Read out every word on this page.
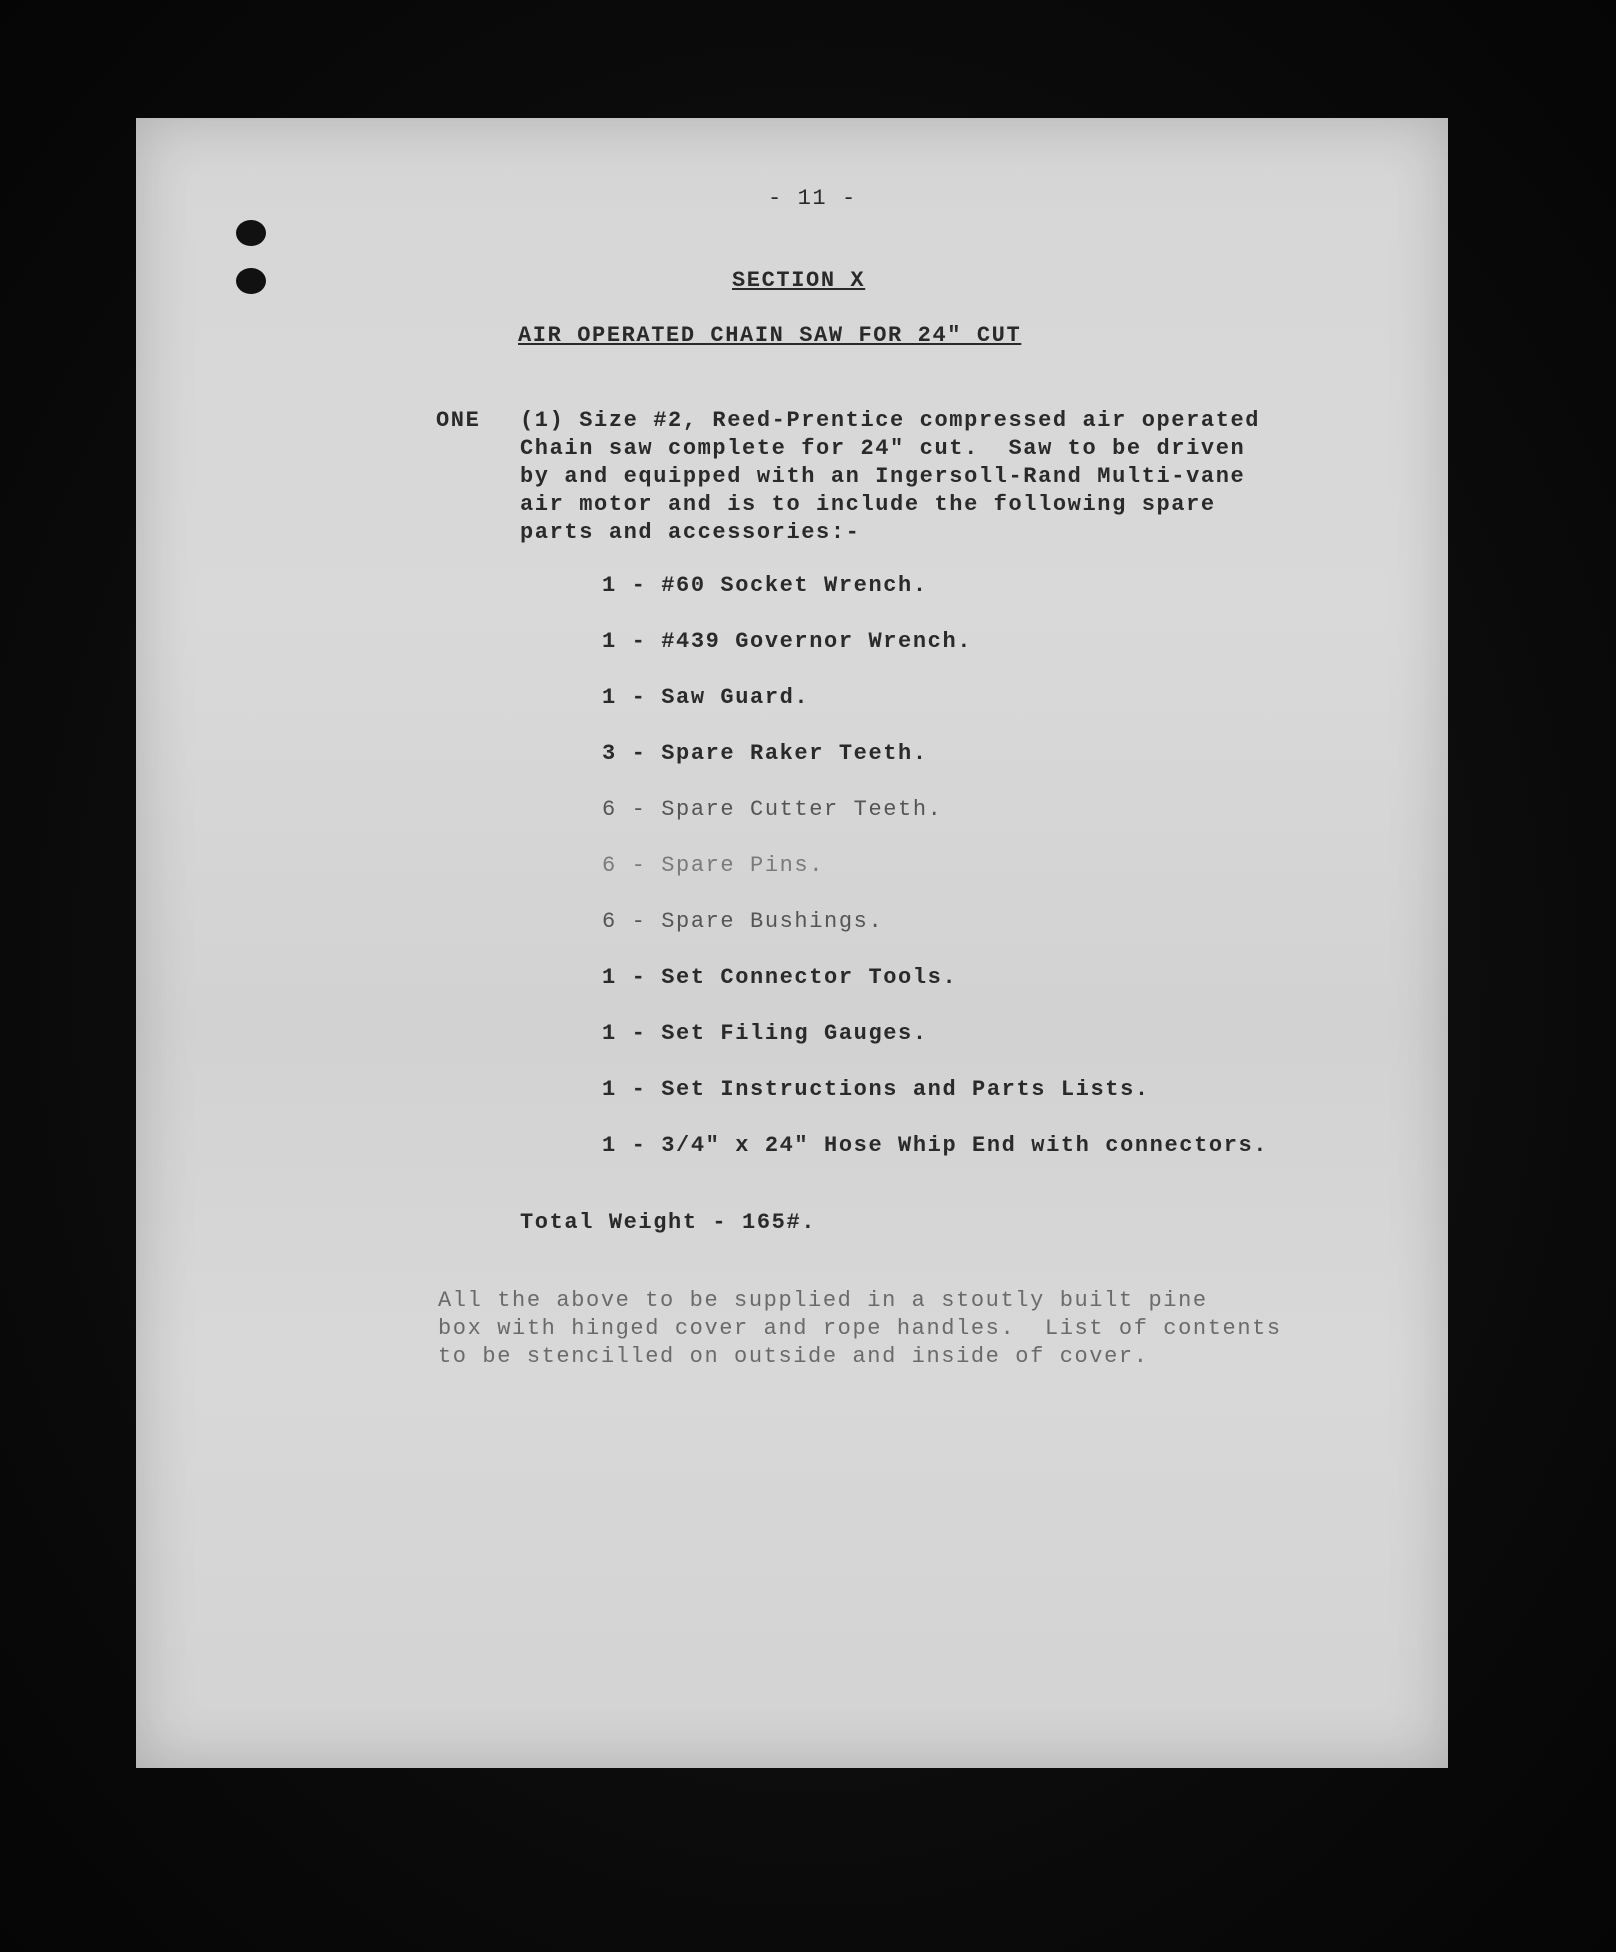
- 11 -

SECTION X

AIR OPERATED CHAIN SAW FOR 24" CUT

ONE (1) Size #2, Reed-Prentice compressed air operated

Chain saw complete for 24" cut.  Saw to be driven

by and equipped with an Ingersoll-Rand Multi-vane

air motor and is to include the following spare

parts and accessories:-

1 - #60 Socket Wrench.
1 - #439 Governor Wrench.
1 - Saw Guard.
3 - Spare Raker Teeth.
6 - Spare Cutter Teeth.
6 - Spare Pins.
6 - Spare Bushings.
1 - Set Connector Tools.
1 - Set Filing Gauges.
1 - Set Instructions and Parts Lists.
1 - 3/4" x 24" Hose Whip End with connectors.

Total Weight - 165#.

All the above to be supplied in a stoutly built pine

box with hinged cover and rope handles.  List of contents

to be stencilled on outside and inside of cover.
